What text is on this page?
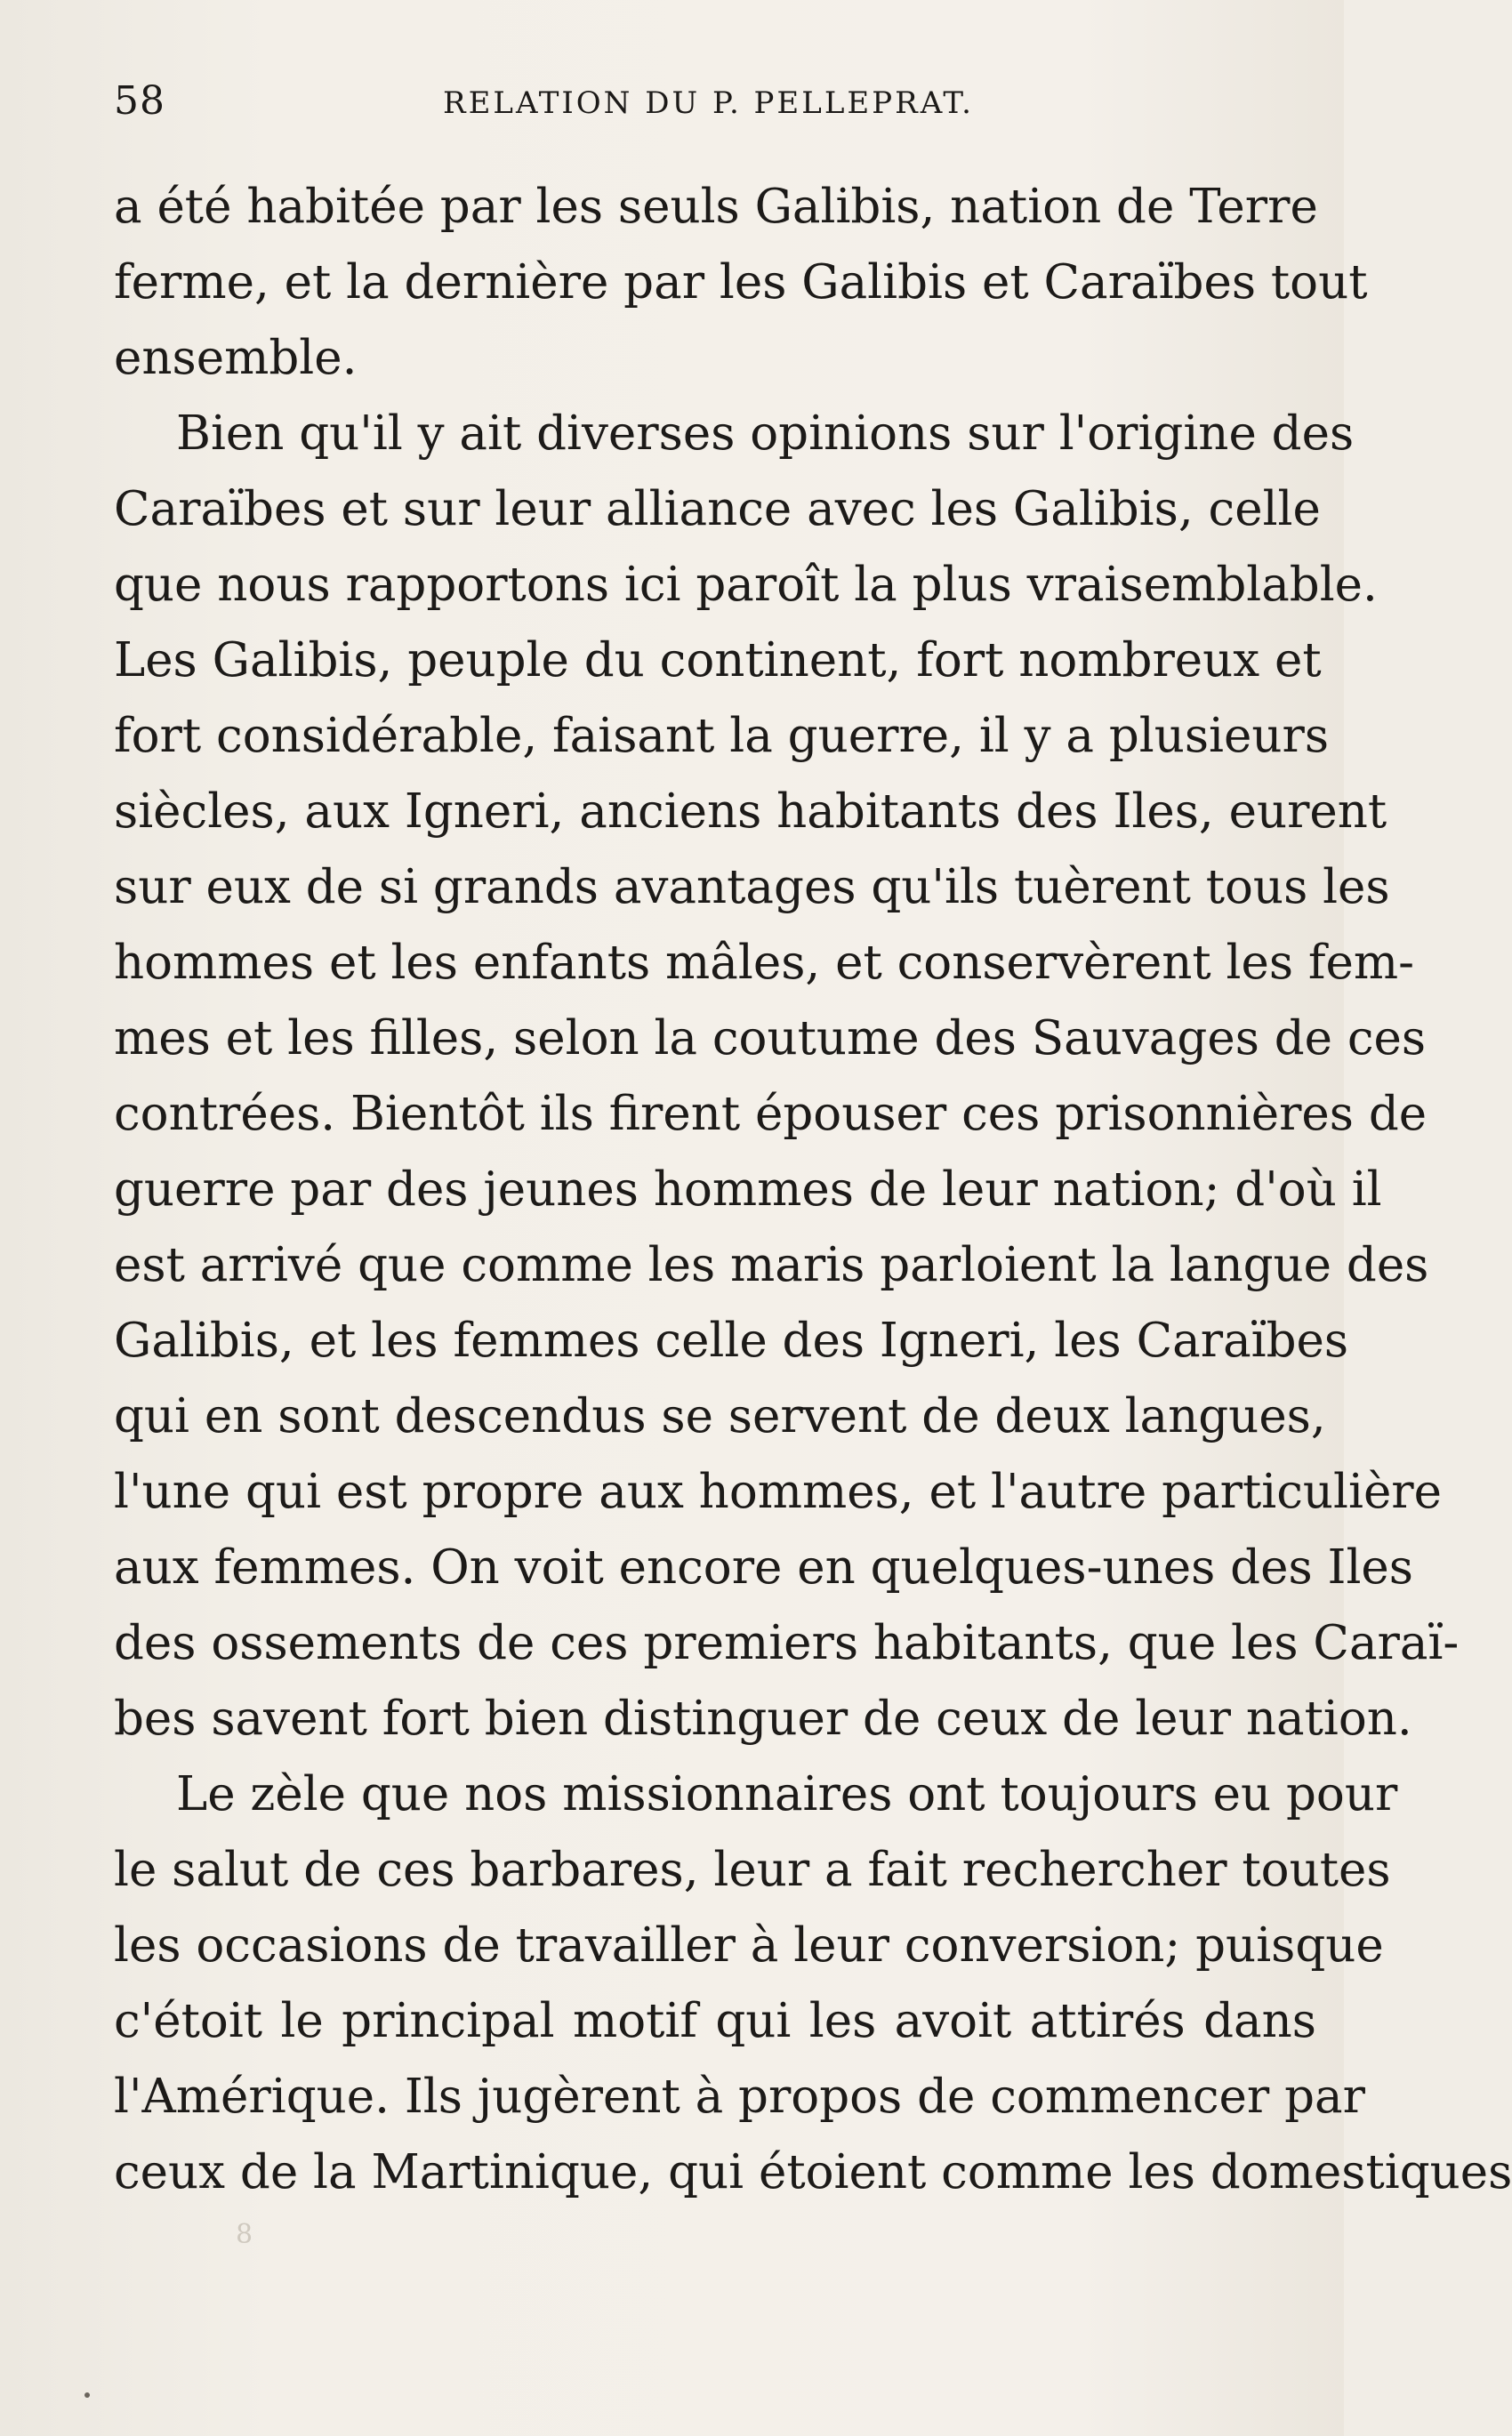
58	RELATION DU P. PELLEPRAT.
a été habitée par les seuls Galibis, nation de Terre
ferme, et la dernière par les Galibis et Caraïbes tout
ensemble.
Bien qu'il y ait diverses opinions sur l'origine des
Caraïbes et sur leur alliance avec les Galibis, celle
que nous rapportons ici paroît la plus vraisemblable.
Les Galibis, peuple du continent, fort nombreux et
fort considérable, faisant la guerre, il y a plusieurs
siècles, aux Igneri, anciens habitants des Iles, eurent
sur eux de si grands avantages qu'ils tuèrent tous les
hommes et les enfants mâles, et conservèrent les fem-
mes et les filles, selon la coutume des Sauvages de ces
contrées. Bientôt ils firent épouser ces prisonnières de
guerre par des jeunes hommes de leur nation; d'où il
est arrivé que comme les maris parloient la langue des
Galibis, et les femmes celle des Igneri, les Caraïbes
qui en sont descendus se servent de deux langues,
l'une qui est propre aux hommes, et l'autre particulière
aux femmes. On voit encore en quelques-unes des Iles
des ossements de ces premiers habitants, que les Caraï-
bes savent fort bien distinguer de ceux de leur nation.
Le zèle que nos missionnaires ont toujours eu pour
le salut de ces barbares, leur a fait rechercher toutes
les occasions de travailler à leur conversion; puisque
c'étoit le principal motif qui les avoit attirés dans
l'Amérique. Ils jugèrent à propos de commencer par
ceux de la Martinique, qui étoient comme les domestiques
8
